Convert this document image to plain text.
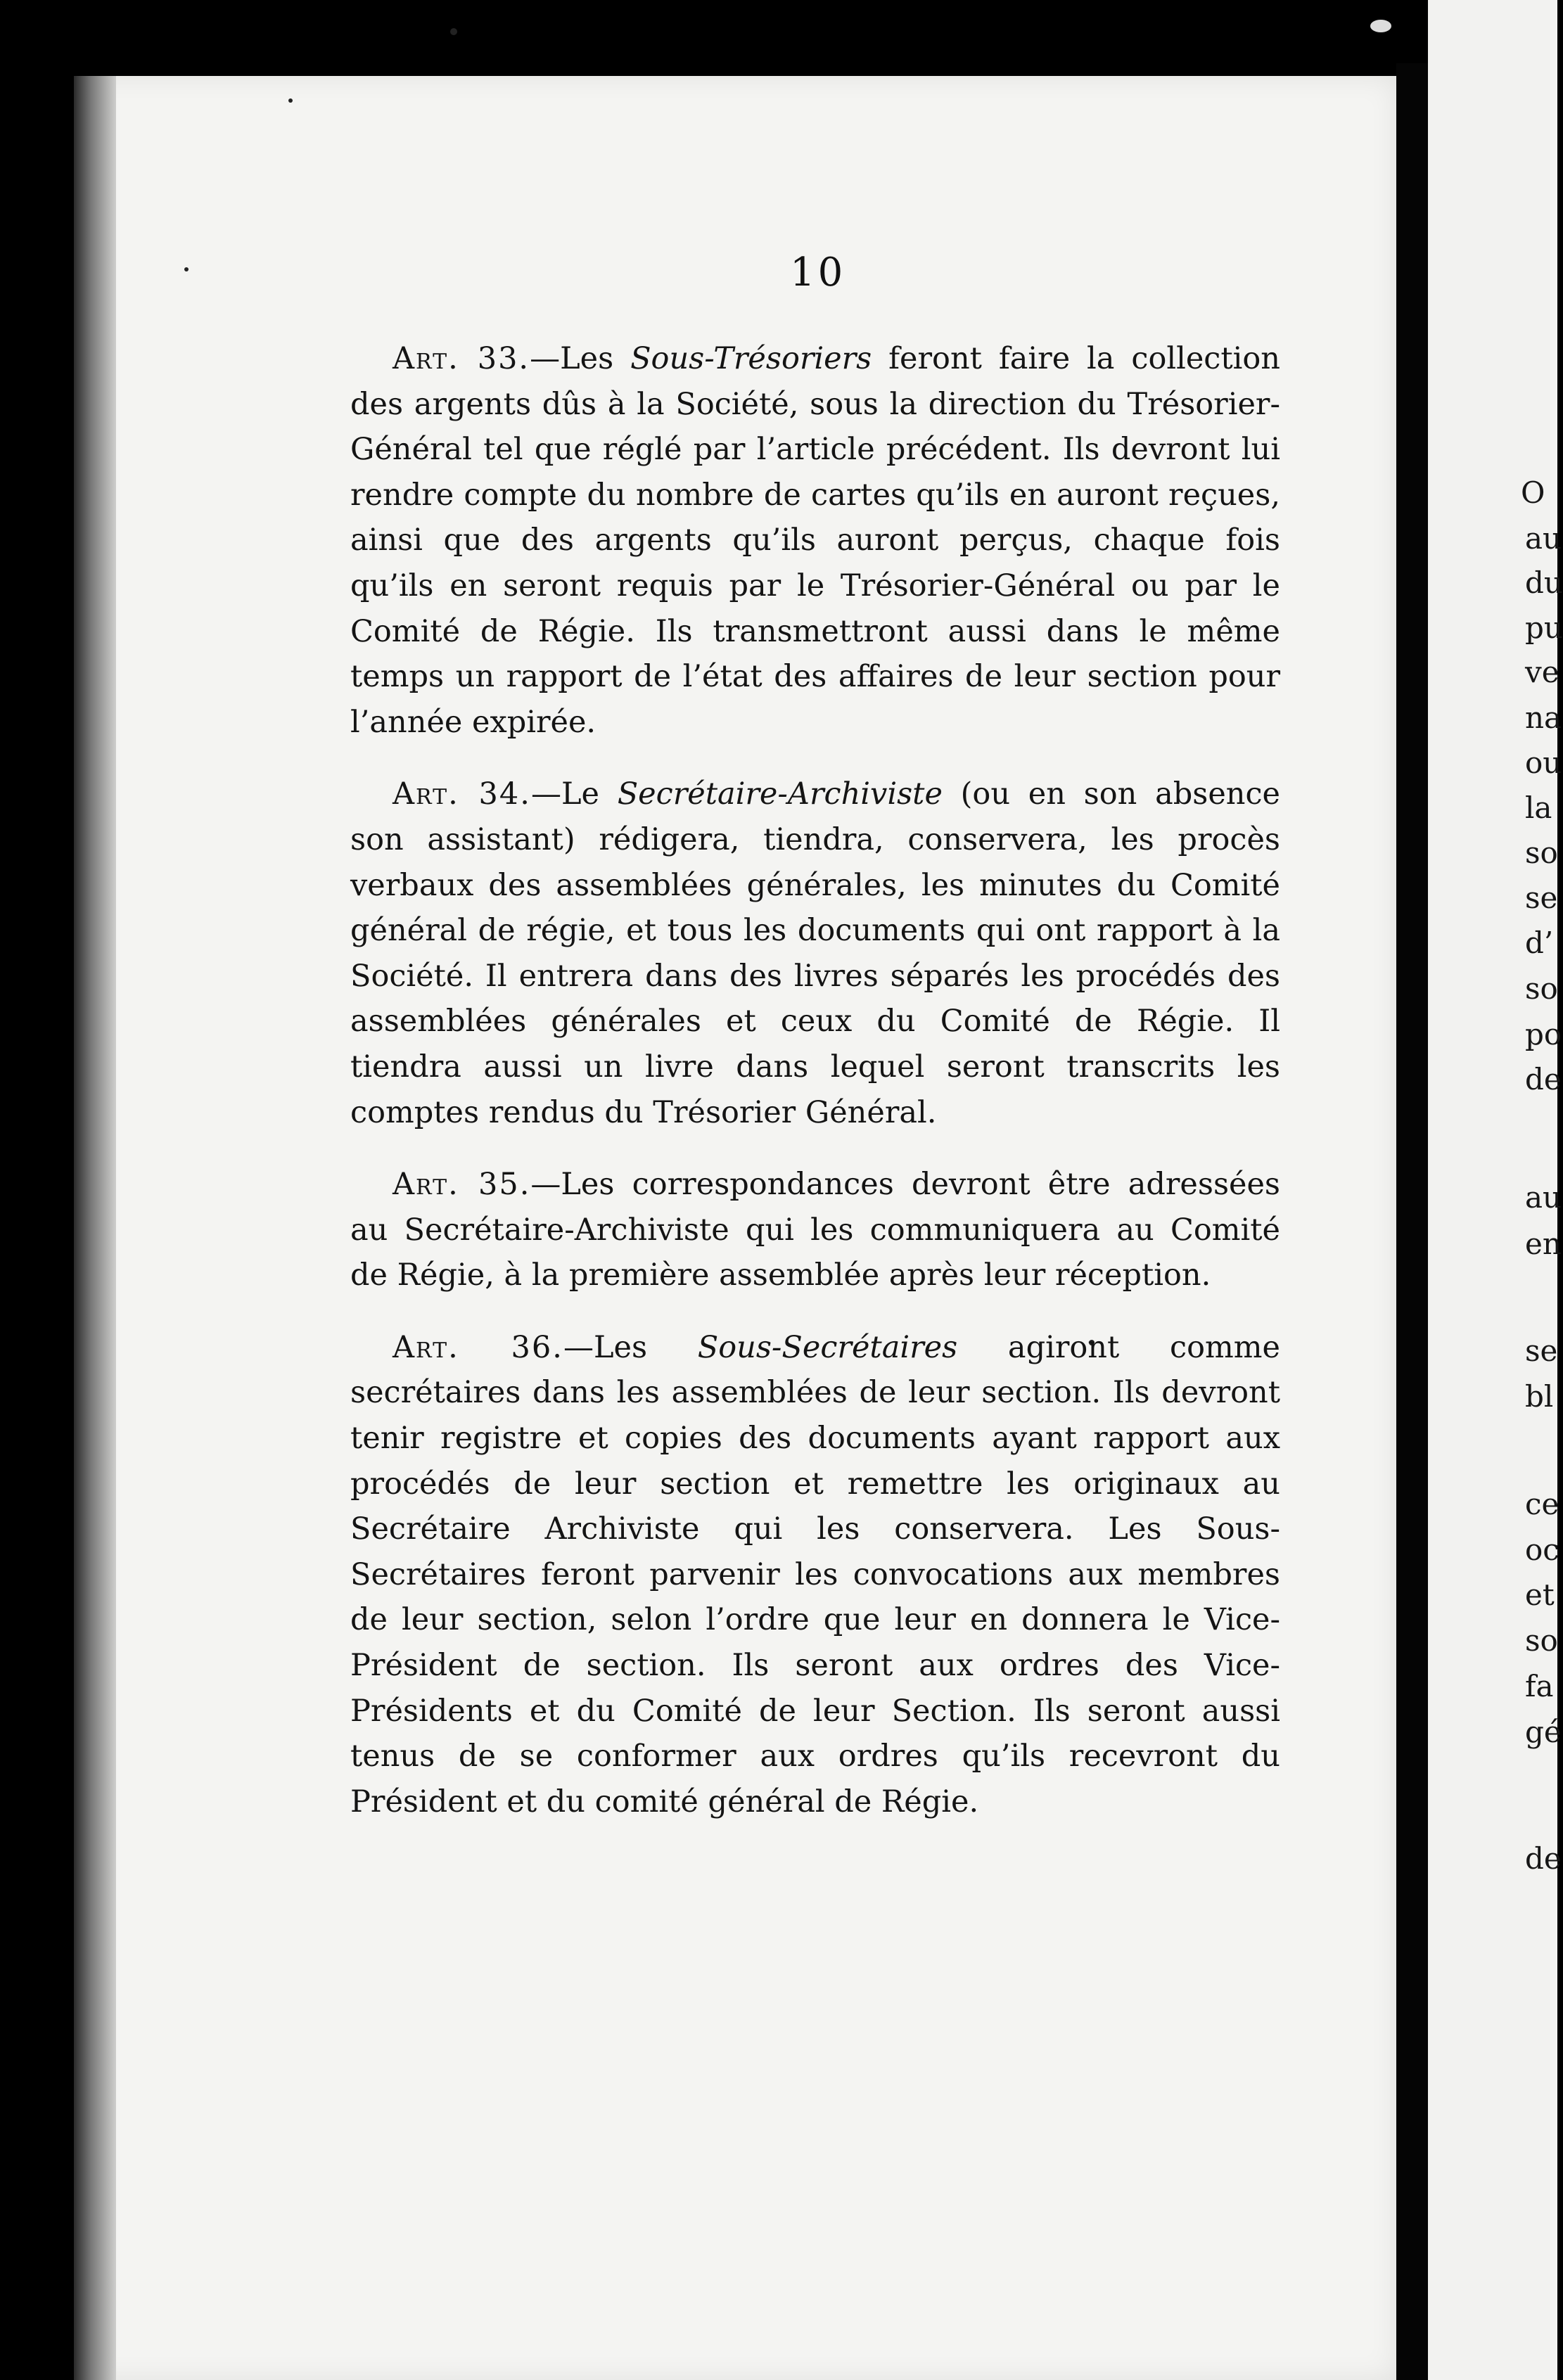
O
au
du
pu
ve
na
ou
la
so
se
d’
so
po
de
au
en
se
bl
ce
oc
et
so
fa
gé
de
10

Art. 33.—Les Sous-Trésoriers feront faire la collection des argents dûs à la Société, sous la direction du Trésorier-Général tel que réglé par l’article précédent. Ils devront lui rendre compte du nombre de cartes qu’ils en auront reçues, ainsi que des argents qu’ils auront perçus, chaque fois qu’ils en seront requis par le Trésorier-Général ou par le Comité de Régie. Ils transmettront aussi dans le même temps un rapport de l’état des affaires de leur section pour l’année expirée.

Art. 34.—Le Secrétaire-Archiviste (ou en son absence son assistant) rédigera, tiendra, conservera, les procès verbaux des assemblées générales, les minutes du Comité général de régie, et tous les documents qui ont rapport à la Société. Il entrera dans des livres séparés les procédés des assemblées générales et ceux du Comité de Régie. Il tiendra aussi un livre dans lequel seront transcrits les comptes rendus du Trésorier Général.

Art. 35.—Les correspondances devront être adressées au Secrétaire-Archiviste qui les communiquera au Comité de Régie, à la première assemblée après leur réception.

Art. 36.—Les Sous-Secrétaires agiront comme secrétaires dans les assemblées de leur section. Ils devront tenir registre et copies des documents ayant rapport aux procédés de leur section et remettre les originaux au Secrétaire Archiviste qui les conservera. Les Sous-Secrétaires feront parvenir les convocations aux membres de leur section, selon l’ordre que leur en donnera le Vice-Président de section. Ils seront aux ordres des Vice-Présidents et du Comité de leur Section. Ils seront aussi tenus de se conformer aux ordres qu’ils recevront du Président et du comité général de Régie.
